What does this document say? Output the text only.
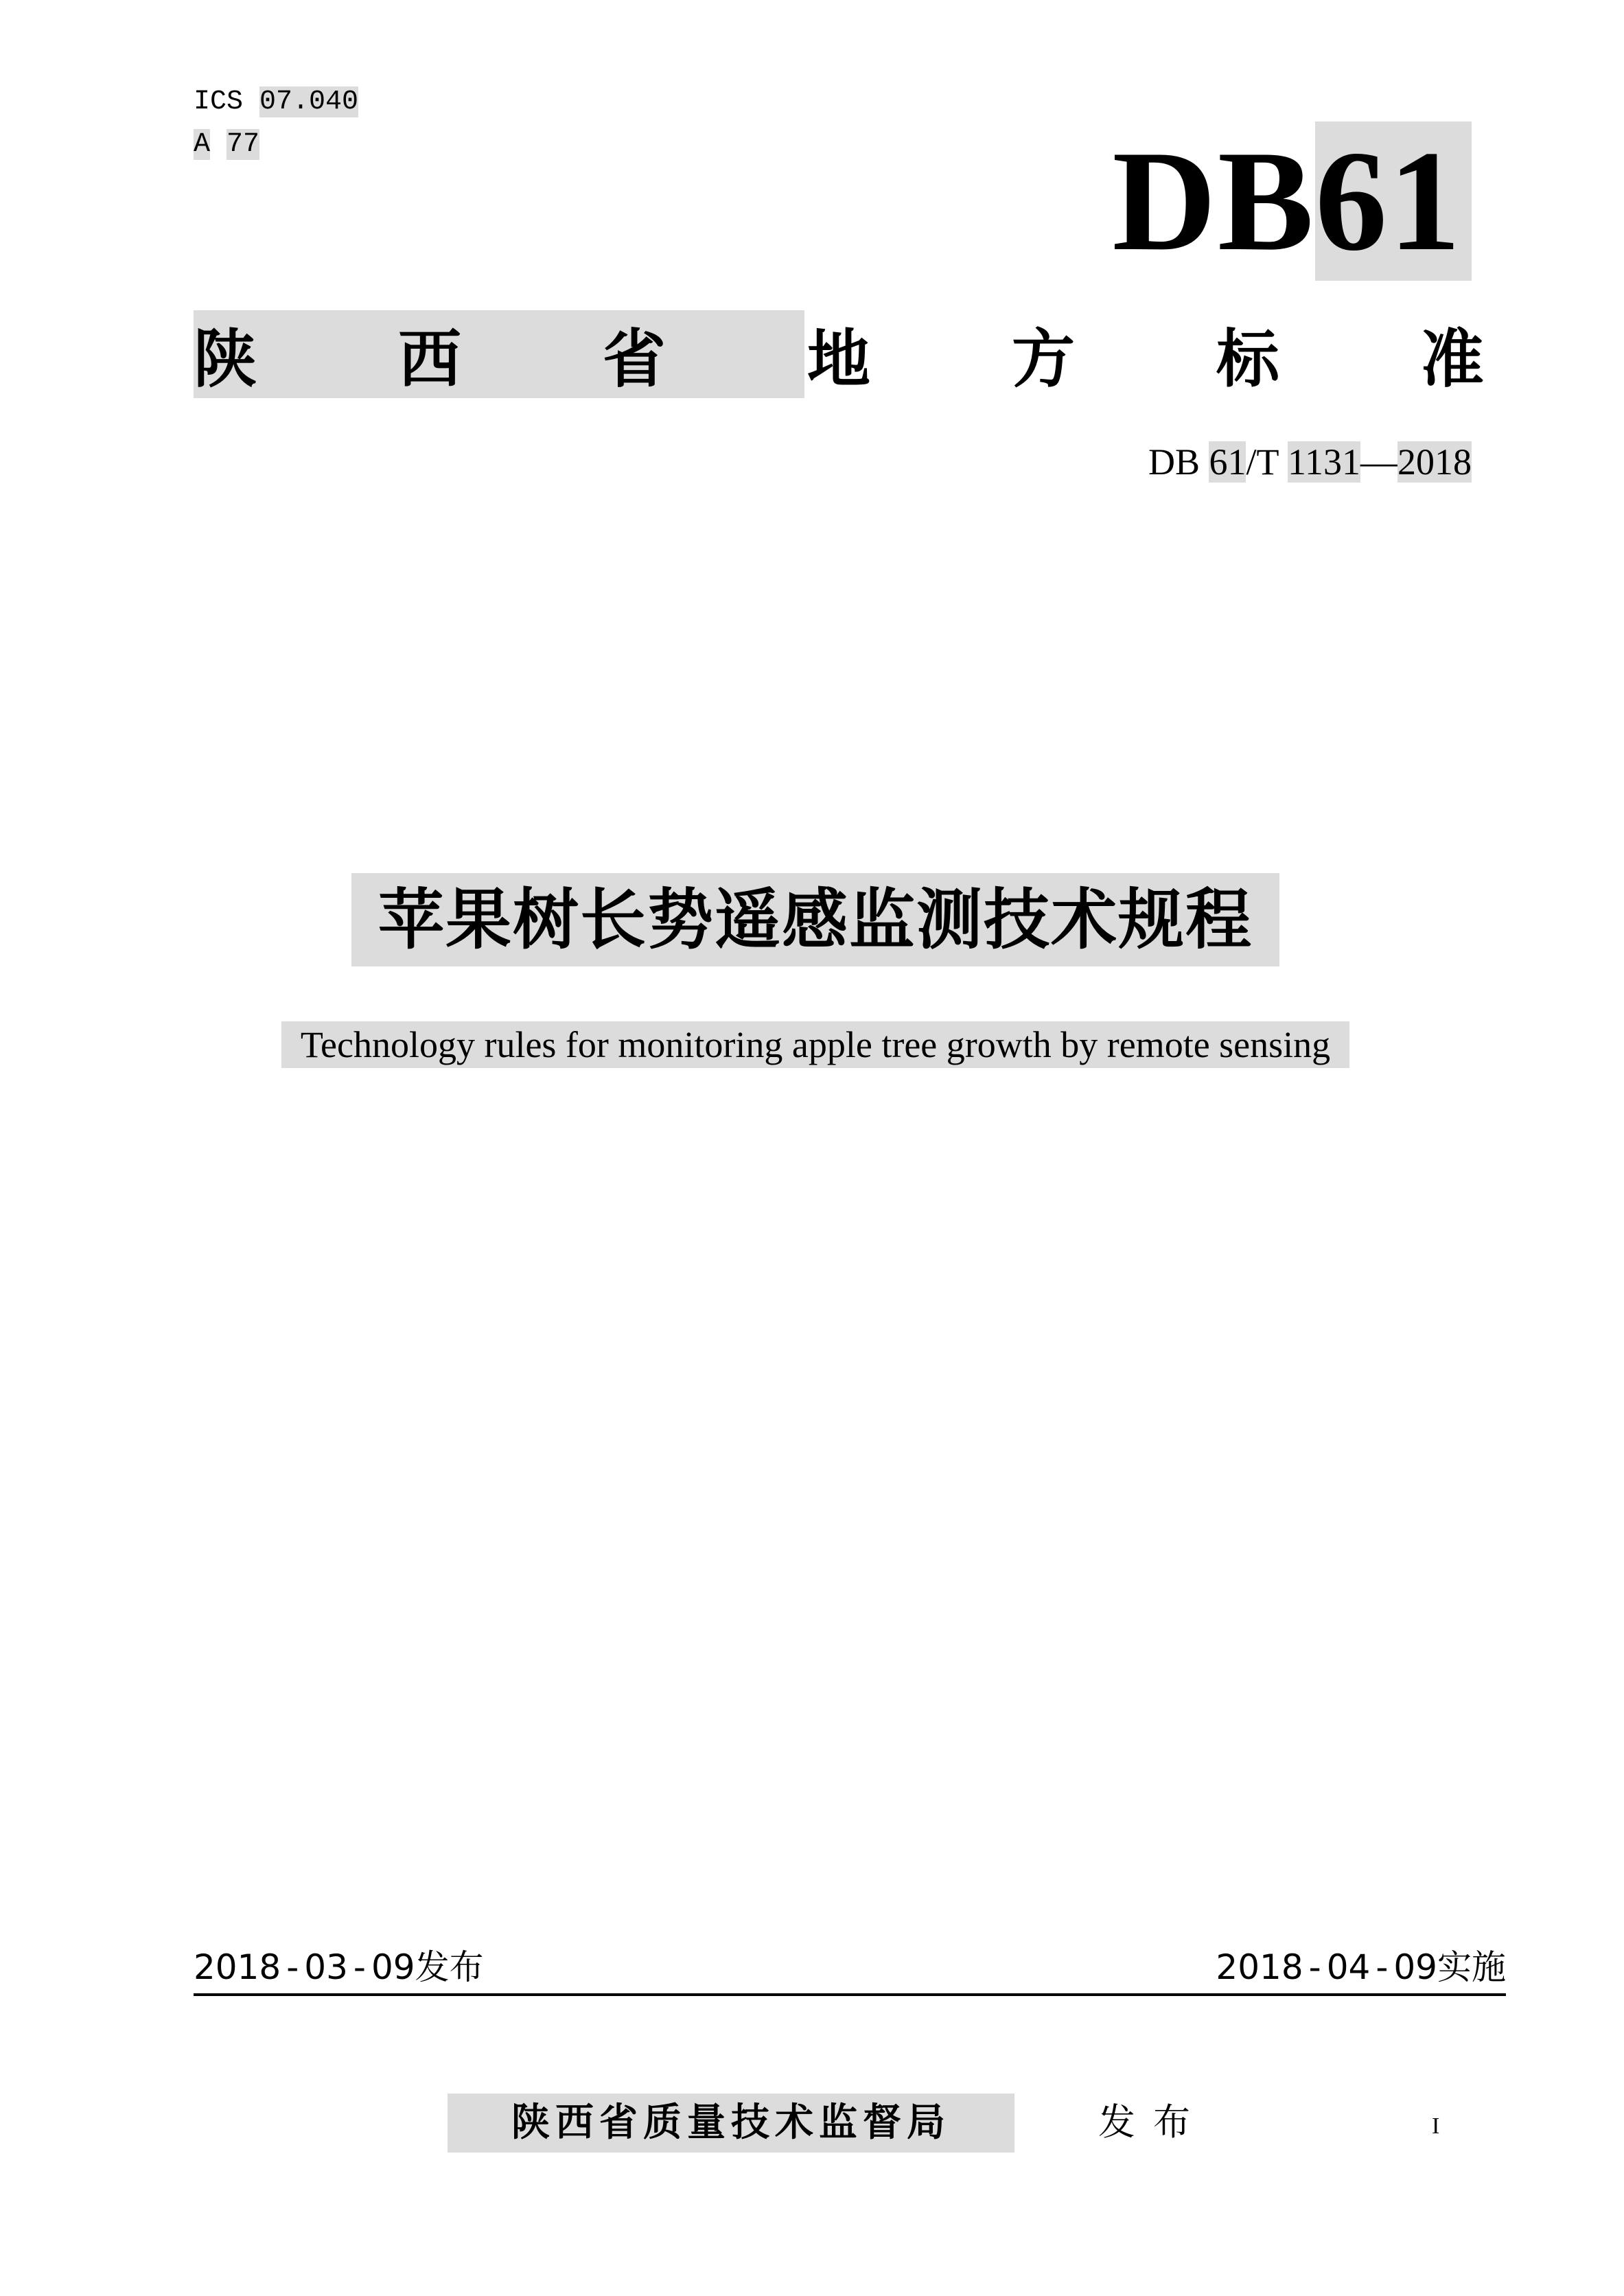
ICS 07.040
A 77	DB61
陕 西 省 地 方 标 准
DB 61/T 1131—2018
苹果树长势遥感监测技术规程
Technology rules for monitoring apple tree growth by remote sensing
2018 - 03 - 09发布	2018 - 04 - 09实施
陕西省质量技术监督局	发布	I
